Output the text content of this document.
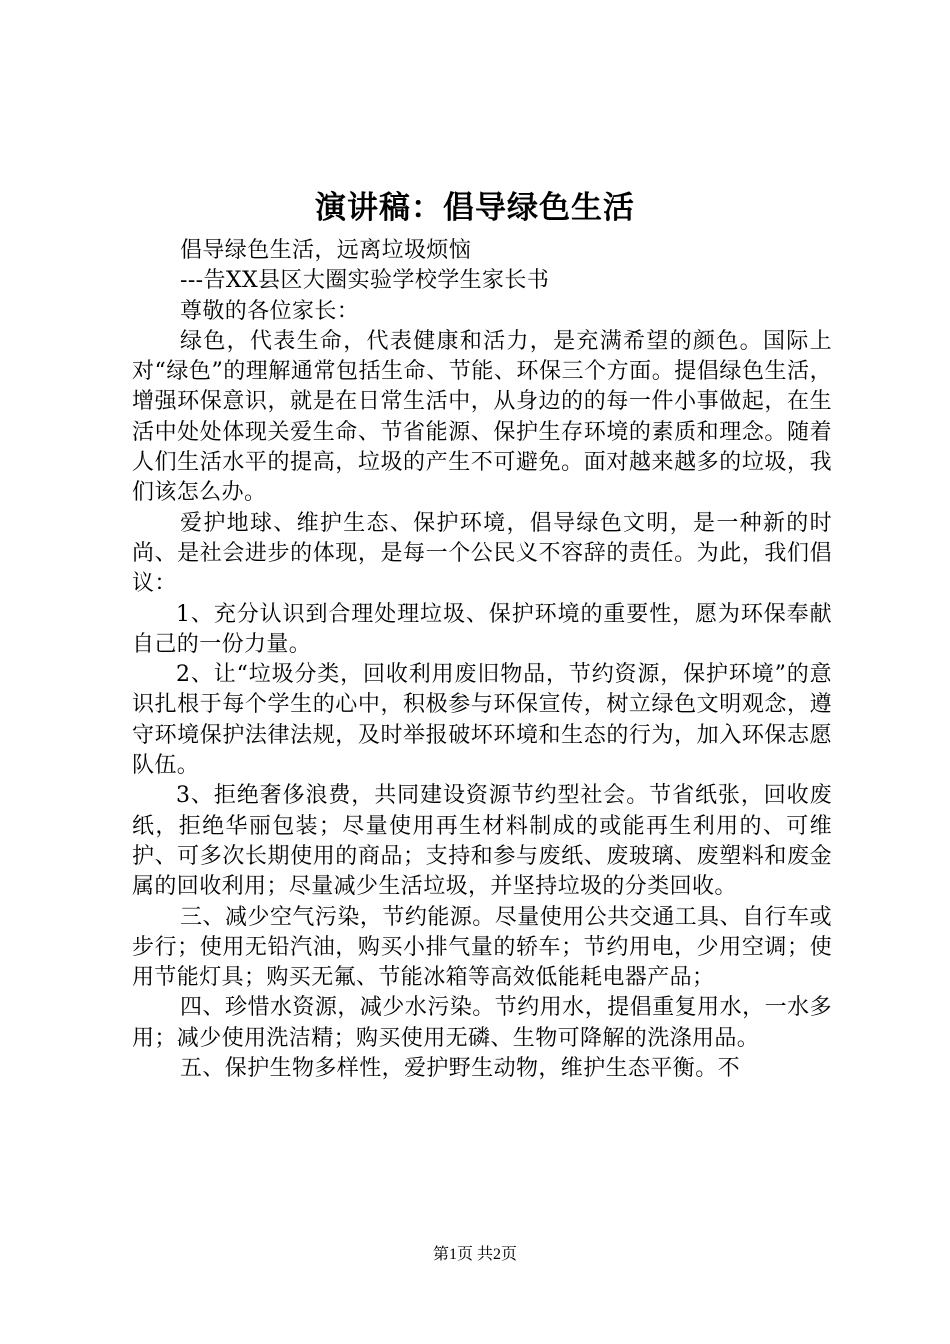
演讲稿：倡导绿色生活

倡导绿色生活，远离垃圾烦恼

---告XX县区大圈实验学校学生家长书

尊敬的各位家长：

绿色，代表生命，代表健康和活力，是充满希望的颜色。国际上对“绿色”的理解通常包括生命、节能、环保三个方面。提倡绿色生活，增强环保意识，就是在日常生活中，从身边的的每一件小事做起，在生活中处处体现关爱生命、节省能源、保护生存环境的素质和理念。随着人们生活水平的提高，垃圾的产生不可避免。面对越来越多的垃圾，我们该怎么办。

爱护地球、维护生态、保护环境，倡导绿色文明，是一种新的时尚、是社会进步的体现，是每一个公民义不容辞的责任。为此，我们倡议：

1、充分认识到合理处理垃圾、保护环境的重要性，愿为环保奉献自己的一份力量。

2、让“垃圾分类，回收利用废旧物品，节约资源，保护环境”的意识扎根于每个学生的心中，积极参与环保宣传，树立绿色文明观念，遵守环境保护法律法规，及时举报破坏环境和生态的行为，加入环保志愿队伍。

3、拒绝奢侈浪费，共同建设资源节约型社会。节省纸张，回收废纸，拒绝华丽包装；尽量使用再生材料制成的或能再生利用的、可维护、可多次长期使用的商品；支持和参与废纸、废玻璃、废塑料和废金属的回收利用；尽量减少生活垃圾，并坚持垃圾的分类回收。

三、减少空气污染，节约能源。尽量使用公共交通工具、自行车或步行；使用无铅汽油，购买小排气量的轿车；节约用电，少用空调；使用节能灯具；购买无氟、节能冰箱等高效低能耗电器产品；

四、珍惜水资源，减少水污染。节约用水，提倡重复用水，一水多用；减少使用洗洁精；购买使用无磷、生物可降解的洗涤用品。

五、保护生物多样性，爱护野生动物，维护生态平衡。不

第1页 共2页
